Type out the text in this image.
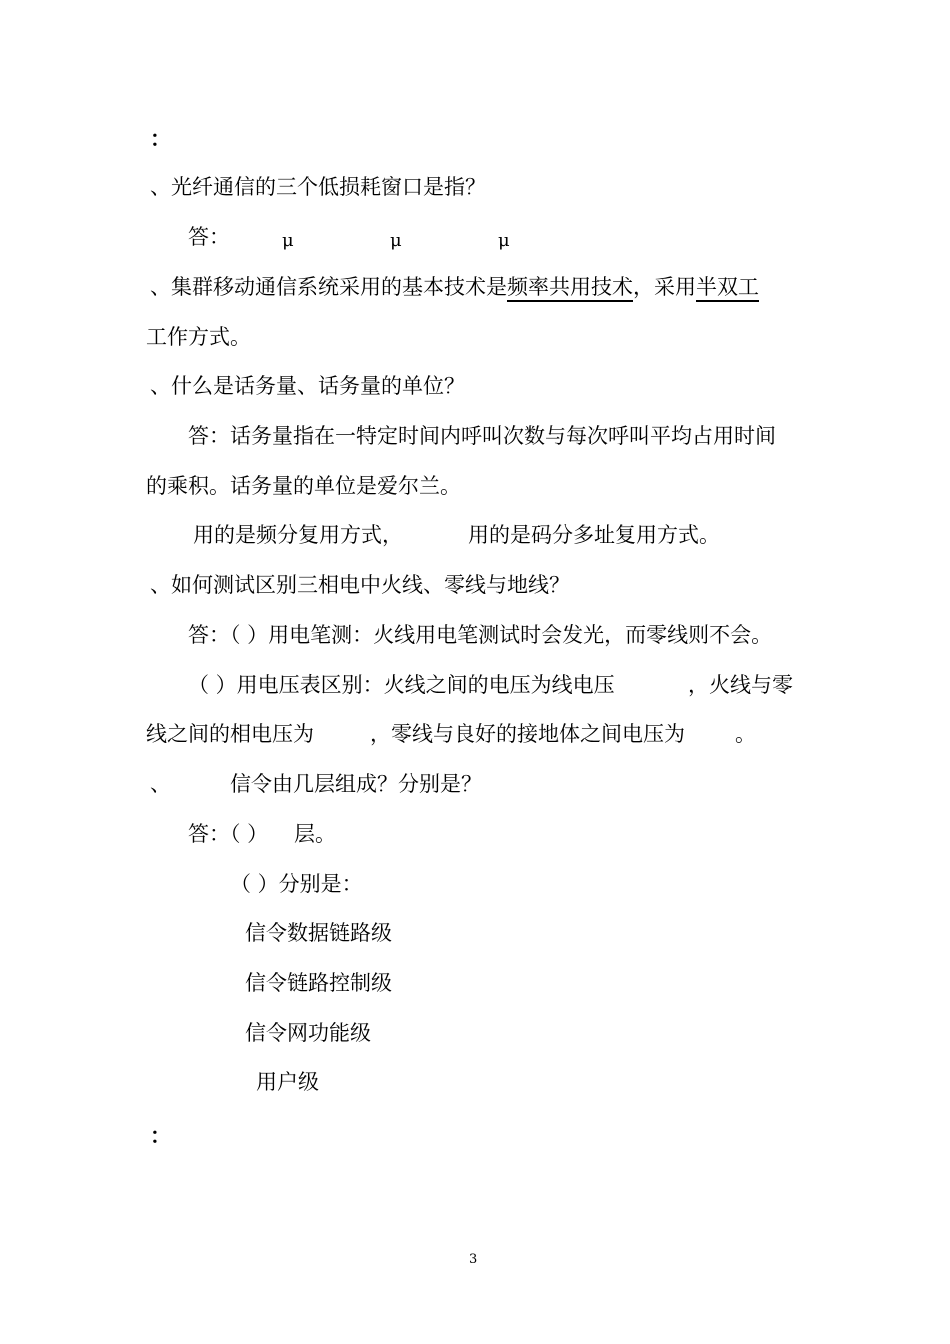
：
、光纤通信的三个低损耗窗口是指？
答：	μ	μ	μ
、集群移动通信系统采用的基本技术是频率共用技术，采用半双工
工作方式。
、什么是话务量、话务量的单位？
答：话务量指在一特定时间内呼叫次数与每次呼叫平均占用时间
的乘积。话务量的单位是爱尔兰。
用的是频分复用方式，	用的是码分多址复用方式。
、如何测试区别三相电中火线、零线与地线？
答：（ ）用电笔测：火线用电笔测试时会发光，而零线则不会。
（ ）用电压表区别：火线之间的电压为线电压	，火线与零
线之间的相电压为	，零线与良好的接地体之间电压为 。
、	信令由几层组成？分别是？
答：（ ） 层。
（ ）分别是：
信令数据链路级
信令链路控制级
信令网功能级
用户级
：
3
